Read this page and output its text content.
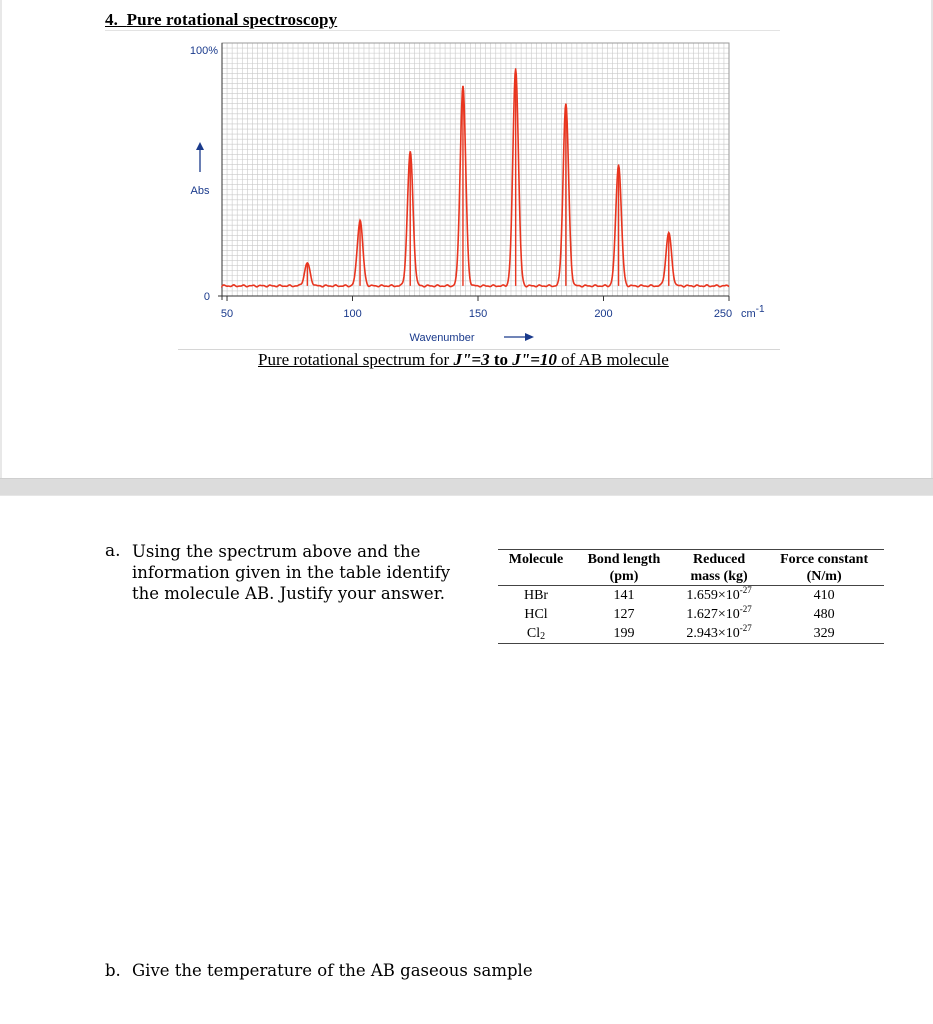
4. Pure rotational spectroscopy
100%
0
Abs
50	100	150	200	250 cm-1
Wavenumber
Pure rotational spectrum for J"=3 to J"=10 of AB molecule
a. Using the spectrum above and the information given in the table identify the molecule AB. Justify your answer.
Molecule	Bond length	Reduced	Force constant
	(pm)	mass (kg)	(N/m)
HBr	141	$1.659\times 10^{-27}$	410
HCl	127	$1.627\times 10^{-27}$	480
$Cl_2$	199	$2.943\times 10^{-27}$	329
b. Give the temperature of the AB gaseous sample
